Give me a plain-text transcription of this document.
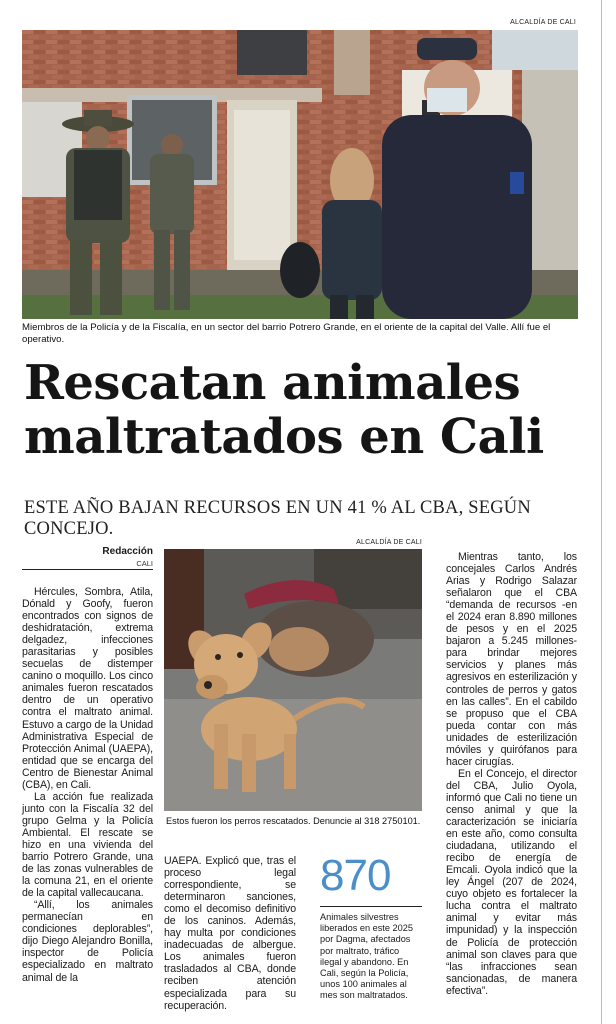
ALCALDÍA DE CALI
Miembros de la Policía y de la Fiscalía, en un sector del barrio Potrero Grande, en el oriente de la capital del Valle. Allí fue el operativo.
Rescatan animales maltratados en Cali
ESTE AÑO BAJAN RECURSOS EN UN 41 % AL CBA, SEGÚN CONCEJO.
Redacción
CALI

Hércules, Sombra, Atila, Dónald y Goofy, fueron encontrados con signos de deshidratación, extrema delgadez, infecciones parasitarias y posibles secuelas de distemper canino o moquillo. Los cinco animales fueron rescatados dentro de un operativo contra el maltrato animal. Estuvo a cargo de la Unidad Administrativa Especial de Protección Animal (UAEPA), entidad que se encarga del Centro de Bienestar Animal (CBA), en Cali.

La acción fue realizada junto con la Fiscalía 32 del grupo Gelma y la Policía Ambiental. El rescate se hizo en una vivienda del barrio Potrero Grande, una de las zonas vulnerables de la comuna 21, en el oriente de la capital vallecaucana.

“Allí, los animales permanecían en condiciones deplorables”, dijo Diego Alejandro Bonilla, inspector de Policía especializado en maltrato animal de la

ALCALDÍA DE CALI
Estos fueron los perros rescatados. Denuncie al 318 2750101.

UAEPA. Explicó que, tras el proceso legal correspondiente, se determinaron sanciones, como el decomiso definitivo de los caninos. Además, hay multa por condiciones inadecuadas de albergue. Los animales fueron trasladados al CBA, donde reciben atención especializada para su recuperación.

870
Animales silvestres liberados en este 2025 por Dagma, afectados por maltrato, tráfico ilegal y abandono. En Cali, según la Policía, unos 100 animales al mes son maltratados.

Mientras tanto, los concejales Carlos Andrés Arias y Rodrigo Salazar señalaron que el CBA “demanda de recursos -en el 2024 eran 8.890 millones de pesos y en el 2025 bajaron a 5.245 millones- para brindar mejores servicios y planes más agresivos en esterilización y controles de perros y gatos en las calles”. En el cabildo se propuso que el CBA pueda contar con más unidades de esterilización móviles y quirófanos para hacer cirugías.

En el Concejo, el director del CBA, Julio Oyola, informó que Cali no tiene un censo animal y que la caracterización se iniciaría en este año, como consulta ciudadana, utilizando el recibo de energía de Emcali. Oyola indicó que la ley Ángel (207 de 2024, cuyo objeto es fortalecer la lucha contra el maltrato animal y evitar más impunidad) y la inspección de Policía de protección animal son claves para que “las infracciones sean sancionadas, de manera efectiva”.
